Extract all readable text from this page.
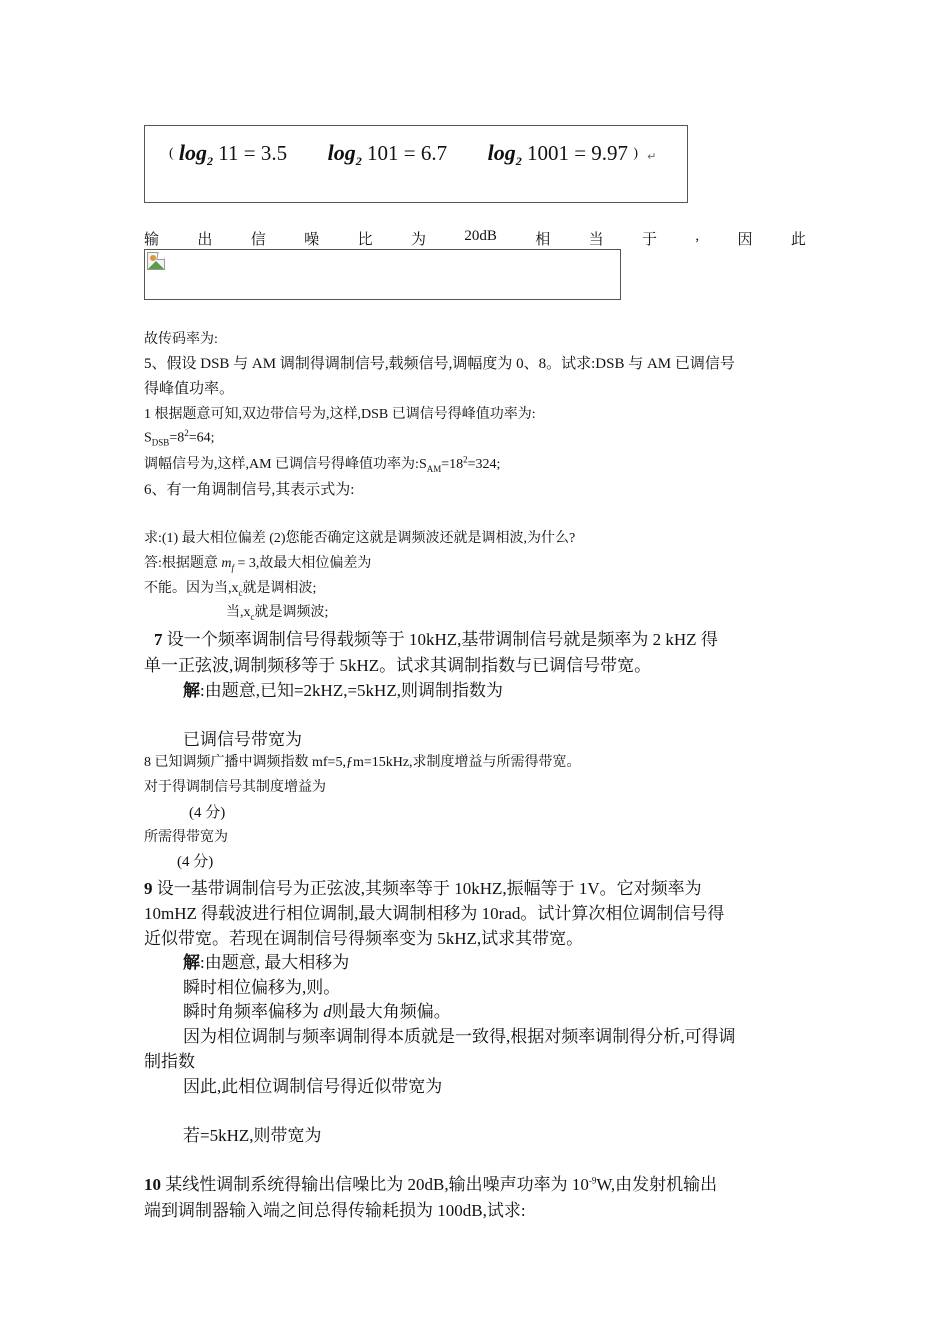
( $\log_2 11 = 3.5$ $\log_2 101 = 6.7$ $\log_2 1001 = 9.97$ ) ↵
输	出	信	噪	比	为	20dB	相	当	于	,	因	此
故传码率为:
5、假设 DSB 与 AM 调制得调制信号,载频信号,调幅度为 0、8。试求:DSB 与 AM 已调信号
得峰值功率。
1 根据题意可知,双边带信号为,这样,DSB 已调信号得峰值功率为:
$S_{DSB}=8^2=64$;
调幅信号为,这样,AM 已调信号得峰值功率为$:S_{AM}=18^2=324$;
6、有一角调制信号,其表示式为:
求:(1) 最大相位偏差 (2)您能否确定这就是调频波还就是调相波,为什么?
答:根据题意 $m_f = 3$,故最大相位偏差为
不能。因为当$,x_c$就是调相波;
当$,x_c$就是调频波;
7 设一个频率调制信号得载频等于 10kHZ,基带调制信号就是频率为 2 kHZ 得
单一正弦波,调制频移等于 5kHZ。试求其调制指数与已调信号带宽。
解:由题意,已知=2kHZ,=5kHZ,则调制指数为
已调信号带宽为
8 已知调频广播中调频指数 mf=5,ƒm=15kHz,求制度增益与所需得带宽。
对于得调制信号其制度增益为
(4 分)
所需得带宽为
(4 分)
9 设一基带调制信号为正弦波,其频率等于 10kHZ,振幅等于 1V。它对频率为
10mHZ 得载波进行相位调制,最大调制相移为 10rad。试计算次相位调制信号得
近似带宽。若现在调制信号得频率变为 5kHZ,试求其带宽。
解:由题意, 最大相移为
瞬时相位偏移为,则。
瞬时角频率偏移为 d则最大角频偏。
因为相位调制与频率调制得本质就是一致得,根据对频率调制得分析,可得调
制指数
因此,此相位调制信号得近似带宽为
若=5kHZ,则带宽为
10 某线性调制系统得输出信噪比为 20dB,输出噪声功率为 $10^{-9}W$,由发射机输出
端到调制器输入端之间总得传输耗损为 100dB,试求:
